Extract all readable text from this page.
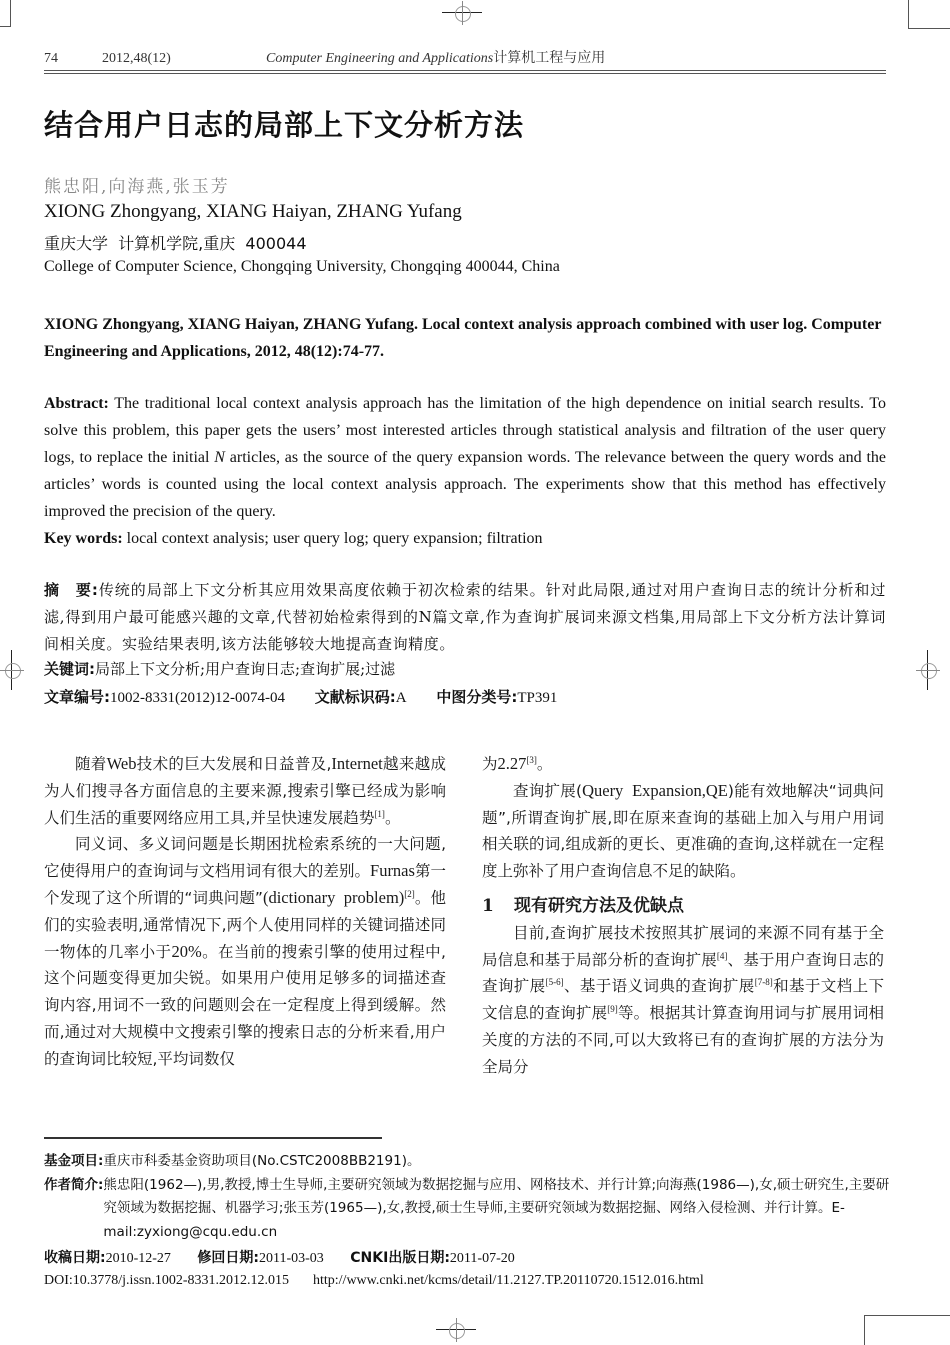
74	2012,48(12)	Computer Engineering and Applications计算机工程与应用
结合用户日志的局部上下文分析方法
熊忠阳,向海燕,张玉芳
XIONG Zhongyang, XIANG Haiyan, ZHANG Yufang
重庆大学  计算机学院,重庆  400044
College of Computer Science, Chongqing University, Chongqing 400044, China
XIONG Zhongyang, XIANG Haiyan, ZHANG Yufang. Local context analysis approach combined with user log. Computer Engineering and Applications, 2012, 48(12):74-77.
Abstract: The traditional local context analysis approach has the limitation of the high dependence on initial search results. To solve this problem, this paper gets the users’ most interested articles through statistical analysis and filtration of the user query logs, to replace the initial N articles, as the source of the query expansion words. The relevance between the query words and the articles’ words is counted using the local context analysis approach. The experiments show that this method has effectively improved the precision of the query.
Key words: local context analysis; user query log; query expansion; filtration
摘　要:传统的局部上下文分析其应用效果高度依赖于初次检索的结果。针对此局限,通过对用户查询日志的统计分析和过滤,得到用户最可能感兴趣的文章,代替初始检索得到的N篇文章,作为查询扩展词来源文档集,用局部上下文分析方法计算词间相关度。实验结果表明,该方法能够较大地提高查询精度。
关键词:局部上下文分析;用户查询日志;查询扩展;过滤
文章编号:1002-8331(2012)12-0074-04 文献标识码:A 中图分类号:TP391

随着Web技术的巨大发展和日益普及,Internet越来越成为人们搜寻各方面信息的主要来源,搜索引擎已经成为影响人们生活的重要网络应用工具,并呈快速发展趋势[1]。

同义词、多义词问题是长期困扰检索系统的一大问题,它使得用户的查询词与文档用词有很大的差别。Furnas第一个发现了这个所谓的“词典问题”(dictionary  problem)[2]。他们的实验表明,通常情况下,两个人使用同样的关键词描述同一物体的几率小于20%。在当前的搜索引擎的使用过程中,这个问题变得更加尖锐。如果用户使用足够多的词描述查询内容,用词不一致的问题则会在一定程度上得到缓解。然而,通过对大规模中文搜索引擎的搜索日志的分析来看,用户的查询词比较短,平均词数仅

为2.27[3]。

查询扩展(Query  Expansion,QE)能有效地解决“词典问题”,所谓查询扩展,即在原来查询的基础上加入与用户用词相关联的词,组成新的更长、更准确的查询,这样就在一定程度上弥补了用户查询信息不足的缺陷。

1 现有研究方法及优缺点

目前,查询扩展技术按照其扩展词的来源不同有基于全局信息和基于局部分析的查询扩展[4]、基于用户查询日志的查询扩展[5-6]、基于语义词典的查询扩展[7-8]和基于文档上下文信息的查询扩展[9]等。根据其计算查询用词与扩展用词相关度的方法的不同,可以大致将已有的查询扩展的方法分为全局分

基金项目: 重庆市科委基金资助项目(No.CSTC2008BB2191)。
作者简介: 熊忠阳(1962—),男,教授,博士生导师,主要研究领域为数据挖掘与应用、网格技术、并行计算;向海燕(1986—),女,硕士研究生,主要研究领域为数据挖掘、机器学习;张玉芳(1965—),女,教授,硕士生导师,主要研究领域为数据挖掘、网络入侵检测、并行计算。E-mail:zyxiong@cqu.edu.cn
收稿日期:2010-12-27 修回日期:2011-03-03 CNKI出版日期:2011-07-20
DOI:10.3778/j.issn.1002-8331.2012.12.015 http://www.cnki.net/kcms/detail/11.2127.TP.20110720.1512.016.html
